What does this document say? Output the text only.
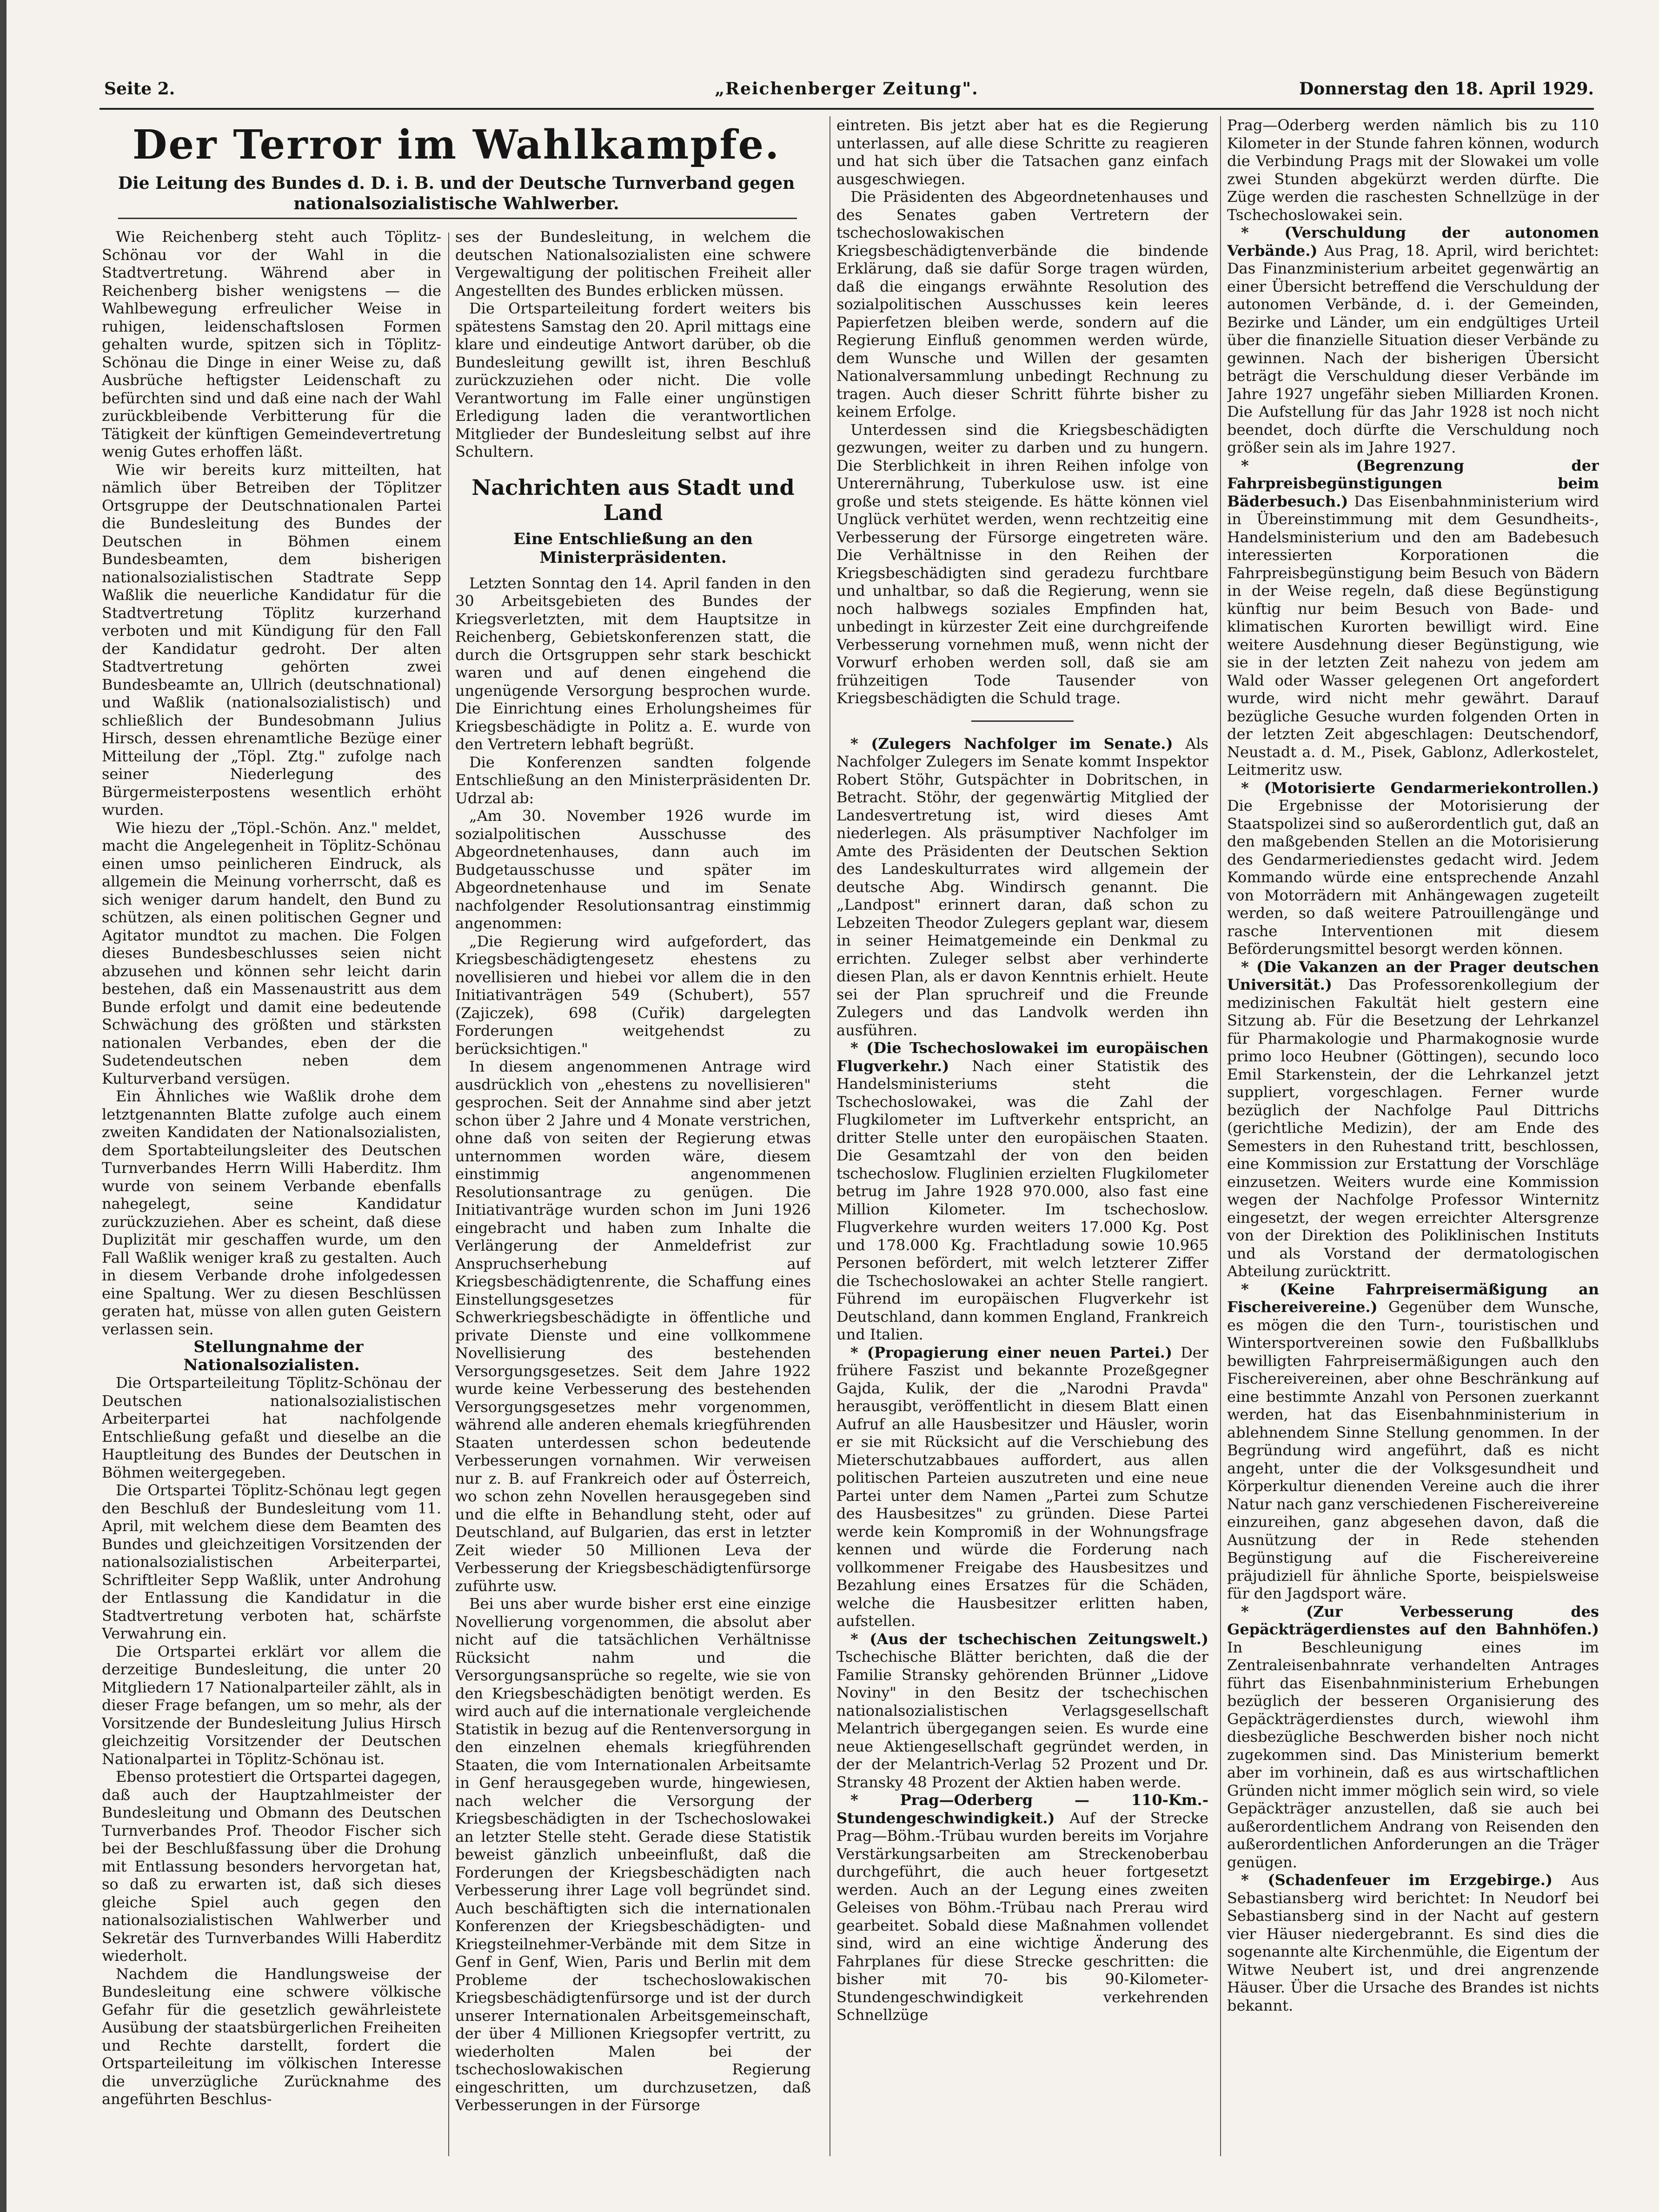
Seite 2.	„Reichenberger Zeitung".	Donnerstag den 18. April 1929.
Der Terror im Wahlkampfe.
Die Leitung des Bundes d. D. i. B. und der Deutsche Turnverband gegen nationalsozialistische Wahlwerber.

Wie Reichenberg steht auch Töplitz-Schönau vor der Wahl in die Stadtvertretung. Während aber in Reichenberg bisher wenigstens — die Wahlbewegung erfreulicher Weise in ruhigen, leidenschaftslosen Formen gehalten wurde, spitzen sich in Töplitz-Schönau die Dinge in einer Weise zu, daß Ausbrüche heftigster Leidenschaft zu befürchten sind und daß eine nach der Wahl zurückbleibende Verbitterung für die Tätigkeit der künftigen Gemeindevertretung wenig Gutes erhoffen läßt.

Wie wir bereits kurz mitteilten, hat nämlich über Betreiben der Töplitzer Ortsgruppe der Deutschnationalen Partei die Bundesleitung des Bundes der Deutschen in Böhmen einem Bundesbeamten, dem bisherigen nationalsozialistischen Stadtrate Sepp Waßlik die neuerliche Kandidatur für die Stadtvertretung Töplitz kurzerhand verboten und mit Kündigung für den Fall der Kandidatur gedroht. Der alten Stadtvertretung gehörten zwei Bundesbeamte an, Ullrich (deutschnational) und Waßlik (nationalsozialistisch) und schließlich der Bundesobmann Julius Hirsch, dessen ehrenamtliche Bezüge einer Mitteilung der „Töpl. Ztg." zufolge nach seiner Niederlegung des Bürgermeisterpostens wesentlich erhöht wurden.

Wie hiezu der „Töpl.-Schön. Anz." meldet, macht die Angelegenheit in Töplitz-Schönau einen umso peinlicheren Eindruck, als allgemein die Meinung vorherrscht, daß es sich weniger darum handelt, den Bund zu schützen, als einen politischen Gegner und Agitator mundtot zu machen. Die Folgen dieses Bundesbeschlusses seien nicht abzusehen und können sehr leicht darin bestehen, daß ein Massenaustritt aus dem Bunde erfolgt und damit eine bedeutende Schwächung des größten und stärksten nationalen Verbandes, eben der die Sudetendeutschen neben dem Kulturverband versügen.

Ein Ähnliches wie Waßlik drohe dem letztgenannten Blatte zufolge auch einem zweiten Kandidaten der Nationalsozialisten, dem Sportabteilungsleiter des Deutschen Turnverbandes Herrn Willi Haberditz. Ihm wurde von seinem Verbande ebenfalls nahegelegt, seine Kandidatur zurückzuziehen. Aber es scheint, daß diese Duplizität mir geschaffen wurde, um den Fall Waßlik weniger kraß zu gestalten. Auch in diesem Verbande drohe infolgedessen eine Spaltung. Wer zu diesen Beschlüssen geraten hat, müsse von allen guten Geistern verlassen sein.

Stellungnahme der Nationalsozialisten.

Die Ortsparteileitung Töplitz-Schönau der Deutschen nationalsozialistischen Arbeiterpartei hat nachfolgende Entschließung gefaßt und dieselbe an die Hauptleitung des Bundes der Deutschen in Böhmen weitergegeben.

Die Ortspartei Töplitz-Schönau legt gegen den Beschluß der Bundesleitung vom 11. April, mit welchem diese dem Beamten des Bundes und gleichzeitigen Vorsitzenden der nationalsozialistischen Arbeiterpartei, Schriftleiter Sepp Waßlik, unter Androhung der Entlassung die Kandidatur in die Stadtvertretung verboten hat, schärfste Verwahrung ein.

Die Ortspartei erklärt vor allem die derzeitige Bundesleitung, die unter 20 Mitgliedern 17 Nationalparteiler zählt, als in dieser Frage befangen, um so mehr, als der Vorsitzende der Bundesleitung Julius Hirsch gleichzeitig Vorsitzender der Deutschen Nationalpartei in Töplitz-Schönau ist.

Ebenso protestiert die Ortspartei dagegen, daß auch der Hauptzahlmeister der Bundesleitung und Obmann des Deutschen Turnverbandes Prof. Theodor Fischer sich bei der Beschlußfassung über die Drohung mit Entlassung besonders hervorgetan hat, so daß zu erwarten ist, daß sich dieses gleiche Spiel auch gegen den nationalsozialistischen Wahlwerber und Sekretär des Turnverbandes Willi Haberditz wiederholt.

Nachdem die Handlungsweise der Bundesleitung eine schwere völkische Gefahr für die gesetzlich gewährleistete Ausübung der staatsbürgerlichen Freiheiten und Rechte darstellt, fordert die Ortsparteileitung im völkischen Interesse die unverzügliche Zurücknahme des angeführten Beschlus-

ses der Bundesleitung, in welchem die deutschen Nationalsozialisten eine schwere Vergewaltigung der politischen Freiheit aller Angestellten des Bundes erblicken müssen.

Die Ortsparteileitung fordert weiters bis spätestens Samstag den 20. April mittags eine klare und eindeutige Antwort darüber, ob die Bundesleitung gewillt ist, ihren Beschluß zurückzuziehen oder nicht. Die volle Verantwortung im Falle einer ungünstigen Erledigung laden die verantwortlichen Mitglieder der Bundesleitung selbst auf ihre Schultern.

Nachrichten aus Stadt und Land
Eine Entschließung an den Ministerpräsidenten.

Letzten Sonntag den 14. April fanden in den 30 Arbeitsgebieten des Bundes der Kriegsverletzten, mit dem Hauptsitze in Reichenberg, Gebietskonferenzen statt, die durch die Ortsgruppen sehr stark beschickt waren und auf denen eingehend die ungenügende Versorgung besprochen wurde. Die Einrichtung eines Erholungsheimes für Kriegsbeschädigte in Politz a. E. wurde von den Vertretern lebhaft begrüßt.

Die Konferenzen sandten folgende Entschließung an den Ministerpräsidenten Dr. Udrzal ab:

„Am 30. November 1926 wurde im sozialpolitischen Ausschusse des Abgeordnetenhauses, dann auch im Budgetausschusse und später im Abgeordnetenhause und im Senate nachfolgender Resolutionsantrag einstimmig angenommen:

„Die Regierung wird aufgefordert, das Kriegsbeschädigtengesetz ehestens zu novellisieren und hiebei vor allem die in den Initiativanträgen 549 (Schubert), 557 (Zajiczek), 698 (Cuřik) dargelegten Forderungen weitgehendst zu berücksichtigen."

In diesem angenommenen Antrage wird ausdrücklich von „ehestens zu novellisieren" gesprochen. Seit der Annahme sind aber jetzt schon über 2 Jahre und 4 Monate verstrichen, ohne daß von seiten der Regierung etwas unternommen worden wäre, diesem einstimmig angenommenen Resolutionsantrage zu genügen. Die Initiativanträge wurden schon im Juni 1926 eingebracht und haben zum Inhalte die Verlängerung der Anmeldefrist zur Anspruchserhebung auf Kriegsbeschädigtenrente, die Schaffung eines Einstellungsgesetzes für Schwerkriegsbeschädigte in öffentliche und private Dienste und eine vollkommene Novellisierung des bestehenden Versorgungsgesetzes. Seit dem Jahre 1922 wurde keine Verbesserung des bestehenden Versorgungsgesetzes mehr vorgenommen, während alle anderen ehemals kriegführenden Staaten unterdessen schon bedeutende Verbesserungen vornahmen. Wir verweisen nur z. B. auf Frankreich oder auf Österreich, wo schon zehn Novellen herausgegeben sind und die elfte in Behandlung steht, oder auf Deutschland, auf Bulgarien, das erst in letzter Zeit wieder 50 Millionen Leva der Verbesserung der Kriegsbeschädigtenfürsorge zuführte usw.

Bei uns aber wurde bisher erst eine einzige Novellierung vorgenommen, die absolut aber nicht auf die tatsächlichen Verhältnisse Rücksicht nahm und die Versorgungsansprüche so regelte, wie sie von den Kriegsbeschädigten benötigt werden. Es wird auch auf die internationale vergleichende Statistik in bezug auf die Rentenversorgung in den einzelnen ehemals kriegführenden Staaten, die vom Internationalen Arbeitsamte in Genf herausgegeben wurde, hingewiesen, nach welcher die Versorgung der Kriegsbeschädigten in der Tschechoslowakei an letzter Stelle steht. Gerade diese Statistik beweist gänzlich unbeeinflußt, daß die Forderungen der Kriegsbeschädigten nach Verbesserung ihrer Lage voll begründet sind. Auch beschäftigten sich die internationalen Konferenzen der Kriegsbeschädigten- und Kriegsteilnehmer-Verbände mit dem Sitze in Genf in Genf, Wien, Paris und Berlin mit dem Probleme der tschechoslowakischen Kriegsbeschädigtenfürsorge und ist der durch unserer Internationalen Arbeitsgemeinschaft, der über 4 Millionen Kriegsopfer vertritt, zu wiederholten Malen bei der tschechoslowakischen Regierung eingeschritten, um durchzusetzen, daß Verbesserungen in der Fürsorge

eintreten. Bis jetzt aber hat es die Regierung unterlassen, auf alle diese Schritte zu reagieren und hat sich über die Tatsachen ganz einfach ausgeschwiegen.

Die Präsidenten des Abgeordnetenhauses und des Senates gaben Vertretern der tschechoslowakischen Kriegsbeschädigtenverbände die bindende Erklärung, daß sie dafür Sorge tragen würden, daß die eingangs erwähnte Resolution des sozialpolitischen Ausschusses kein leeres Papierfetzen bleiben werde, sondern auf die Regierung Einfluß genommen werden würde, dem Wunsche und Willen der gesamten Nationalversammlung unbedingt Rechnung zu tragen. Auch dieser Schritt führte bisher zu keinem Erfolge.

Unterdessen sind die Kriegsbeschädigten gezwungen, weiter zu darben und zu hungern. Die Sterblichkeit in ihren Reihen infolge von Unterernährung, Tuberkulose usw. ist eine große und stets steigende. Es hätte können viel Unglück verhütet werden, wenn rechtzeitig eine Verbesserung der Fürsorge eingetreten wäre. Die Verhältnisse in den Reihen der Kriegsbeschädigten sind geradezu furchtbare und unhaltbar, so daß die Regierung, wenn sie noch halbwegs soziales Empfinden hat, unbedingt in kürzester Zeit eine durchgreifende Verbesserung vornehmen muß, wenn nicht der Vorwurf erhoben werden soll, daß sie am frühzeitigen Tode Tausender von Kriegsbeschädigten die Schuld trage.

* (Zulegers Nachfolger im Senate.) Als Nachfolger Zulegers im Senate kommt Inspektor Robert Stöhr, Gutspächter in Dobritschen, in Betracht. Stöhr, der gegenwärtig Mitglied der Landesvertretung ist, wird dieses Amt niederlegen. Als präsumptiver Nachfolger im Amte des Präsidenten der Deutschen Sektion des Landeskulturrates wird allgemein der deutsche Abg. Windirsch genannt. Die „Landpost" erinnert daran, daß schon zu Lebzeiten Theodor Zulegers geplant war, diesem in seiner Heimatgemeinde ein Denkmal zu errichten. Zuleger selbst aber verhinderte diesen Plan, als er davon Kenntnis erhielt. Heute sei der Plan spruchreif und die Freunde Zulegers und das Landvolk werden ihn ausführen.

* (Die Tschechoslowakei im europäischen Flugverkehr.) Nach einer Statistik des Handelsministeriums steht die Tschechoslowakei, was die Zahl der Flugkilometer im Luftverkehr entspricht, an dritter Stelle unter den europäischen Staaten. Die Gesamtzahl der von den beiden tschechoslow. Fluglinien erzielten Flugkilometer betrug im Jahre 1928 970.000, also fast eine Million Kilometer. Im tschechoslow. Flugverkehre wurden weiters 17.000 Kg. Post und 178.000 Kg. Frachtladung sowie 10.965 Personen befördert, mit welch letzterer Ziffer die Tschechoslowakei an achter Stelle rangiert. Führend im europäischen Flugverkehr ist Deutschland, dann kommen England, Frankreich und Italien.

* (Propagierung einer neuen Partei.) Der frühere Faszist und bekannte Prozeßgegner Gajda, Kulik, der die „Narodni Pravda" herausgibt, veröffentlicht in diesem Blatt einen Aufruf an alle Hausbesitzer und Häusler, worin er sie mit Rücksicht auf die Verschiebung des Mieterschutzabbaues auffordert, aus allen politischen Parteien auszutreten und eine neue Partei unter dem Namen „Partei zum Schutze des Hausbesitzes" zu gründen. Diese Partei werde kein Kompromiß in der Wohnungsfrage kennen und würde die Forderung nach vollkommener Freigabe des Hausbesitzes und Bezahlung eines Ersatzes für die Schäden, welche die Hausbesitzer erlitten haben, aufstellen.

* (Aus der tschechischen Zeitungswelt.) Tschechische Blätter berichten, daß die der Familie Stransky gehörenden Brünner „Lidove Noviny" in den Besitz der tschechischen nationalsozialistischen Verlagsgesellschaft Melantrich übergegangen seien. Es wurde eine neue Aktiengesellschaft gegründet werden, in der der Melantrich-Verlag 52 Prozent und Dr. Stransky 48 Prozent der Aktien haben werde.

* Prag—Oderberg — 110-Km.-Stundengeschwindigkeit.) Auf der Strecke Prag—Böhm.-Trübau wurden bereits im Vorjahre Verstärkungsarbeiten am Streckenoberbau durchgeführt, die auch heuer fortgesetzt werden. Auch an der Legung eines zweiten Geleises von Böhm.-Trübau nach Prerau wird gearbeitet. Sobald diese Maßnahmen vollendet sind, wird an eine wichtige Änderung des Fahrplanes für diese Strecke geschritten: die bisher mit 70- bis 90-Kilometer-Stundengeschwindigkeit verkehrenden Schnellzüge

Prag—Oderberg werden nämlich bis zu 110 Kilometer in der Stunde fahren können, wodurch die Verbindung Prags mit der Slowakei um volle zwei Stunden abgekürzt werden dürfte. Die Züge werden die raschesten Schnellzüge in der Tschechoslowakei sein.

* (Verschuldung der autonomen Verbände.) Aus Prag, 18. April, wird berichtet: Das Finanzministerium arbeitet gegenwärtig an einer Übersicht betreffend die Verschuldung der autonomen Verbände, d. i. der Gemeinden, Bezirke und Länder, um ein endgültiges Urteil über die finanzielle Situation dieser Verbände zu gewinnen. Nach der bisherigen Übersicht beträgt die Verschuldung dieser Verbände im Jahre 1927 ungefähr sieben Milliarden Kronen. Die Aufstellung für das Jahr 1928 ist noch nicht beendet, doch dürfte die Verschuldung noch größer sein als im Jahre 1927.

* (Begrenzung der Fahrpreisbegünstigungen beim Bäderbesuch.) Das Eisenbahnministerium wird in Übereinstimmung mit dem Gesundheits-, Handelsministerium und den am Badebesuch interessierten Korporationen die Fahrpreisbegünstigung beim Besuch von Bädern in der Weise regeln, daß diese Begünstigung künftig nur beim Besuch von Bade- und klimatischen Kurorten bewilligt wird. Eine weitere Ausdehnung dieser Begünstigung, wie sie in der letzten Zeit nahezu von jedem am Wald oder Wasser gelegenen Ort angefordert wurde, wird nicht mehr gewährt. Darauf bezügliche Gesuche wurden folgenden Orten in der letzten Zeit abgeschlagen: Deutschendorf, Neustadt a. d. M., Pisek, Gablonz, Adlerkostelet, Leitmeritz usw.

* (Motorisierte Gendarmeriekontrollen.) Die Ergebnisse der Motorisierung der Staatspolizei sind so außerordentlich gut, daß an den maßgebenden Stellen an die Motorisierung des Gendarmeriedienstes gedacht wird. Jedem Kommando würde eine entsprechende Anzahl von Motorrädern mit Anhängewagen zugeteilt werden, so daß weitere Patrouillengänge und rasche Interventionen mit diesem Beförderungsmittel besorgt werden können.

* (Die Vakanzen an der Prager deutschen Universität.) Das Professorenkollegium der medizinischen Fakultät hielt gestern eine Sitzung ab. Für die Besetzung der Lehrkanzel für Pharmakologie und Pharmakognosie wurde primo loco Heubner (Göttingen), secundo loco Emil Starkenstein, der die Lehrkanzel jetzt suppliert, vorgeschlagen. Ferner wurde bezüglich der Nachfolge Paul Dittrichs (gerichtliche Medizin), der am Ende des Semesters in den Ruhestand tritt, beschlossen, eine Kommission zur Erstattung der Vorschläge einzusetzen. Weiters wurde eine Kommission wegen der Nachfolge Professor Winternitz eingesetzt, der wegen erreichter Altersgrenze von der Direktion des Poliklinischen Instituts und als Vorstand der dermatologischen Abteilung zurücktritt.

* (Keine Fahrpreisermäßigung an Fischereivereine.) Gegenüber dem Wunsche, es mögen die den Turn-, touristischen und Wintersportvereinen sowie den Fußballklubs bewilligten Fahrpreisermäßigungen auch den Fischereivereinen, aber ohne Beschränkung auf eine bestimmte Anzahl von Personen zuerkannt werden, hat das Eisenbahnministerium in ablehnendem Sinne Stellung genommen. In der Begründung wird angeführt, daß es nicht angeht, unter die der Volksgesundheit und Körperkultur dienenden Vereine auch die ihrer Natur nach ganz verschiedenen Fischereivereine einzureihen, ganz abgesehen davon, daß die Ausnützung der in Rede stehenden Begünstigung auf die Fischereivereine präjudiziell für ähnliche Sporte, beispielsweise für den Jagdsport wäre.

* (Zur Verbesserung des Gepäckträgerdienstes auf den Bahnhöfen.) In Beschleunigung eines im Zentraleisenbahnrate verhandelten Antrages führt das Eisenbahnministerium Erhebungen bezüglich der besseren Organisierung des Gepäckträgerdienstes durch, wiewohl ihm diesbezügliche Beschwerden bisher noch nicht zugekommen sind. Das Ministerium bemerkt aber im vorhinein, daß es aus wirtschaftlichen Gründen nicht immer möglich sein wird, so viele Gepäckträger anzustellen, daß sie auch bei außerordentlichem Andrang von Reisenden den außerordentlichen Anforderungen an die Träger genügen.

* (Schadenfeuer im Erzgebirge.) Aus Sebastiansberg wird berichtet: In Neudorf bei Sebastiansberg sind in der Nacht auf gestern vier Häuser niedergebrannt. Es sind dies die sogenannte alte Kirchenmühle, die Eigentum der Witwe Neubert ist, und drei angrenzende Häuser. Über die Ursache des Brandes ist nichts bekannt.
